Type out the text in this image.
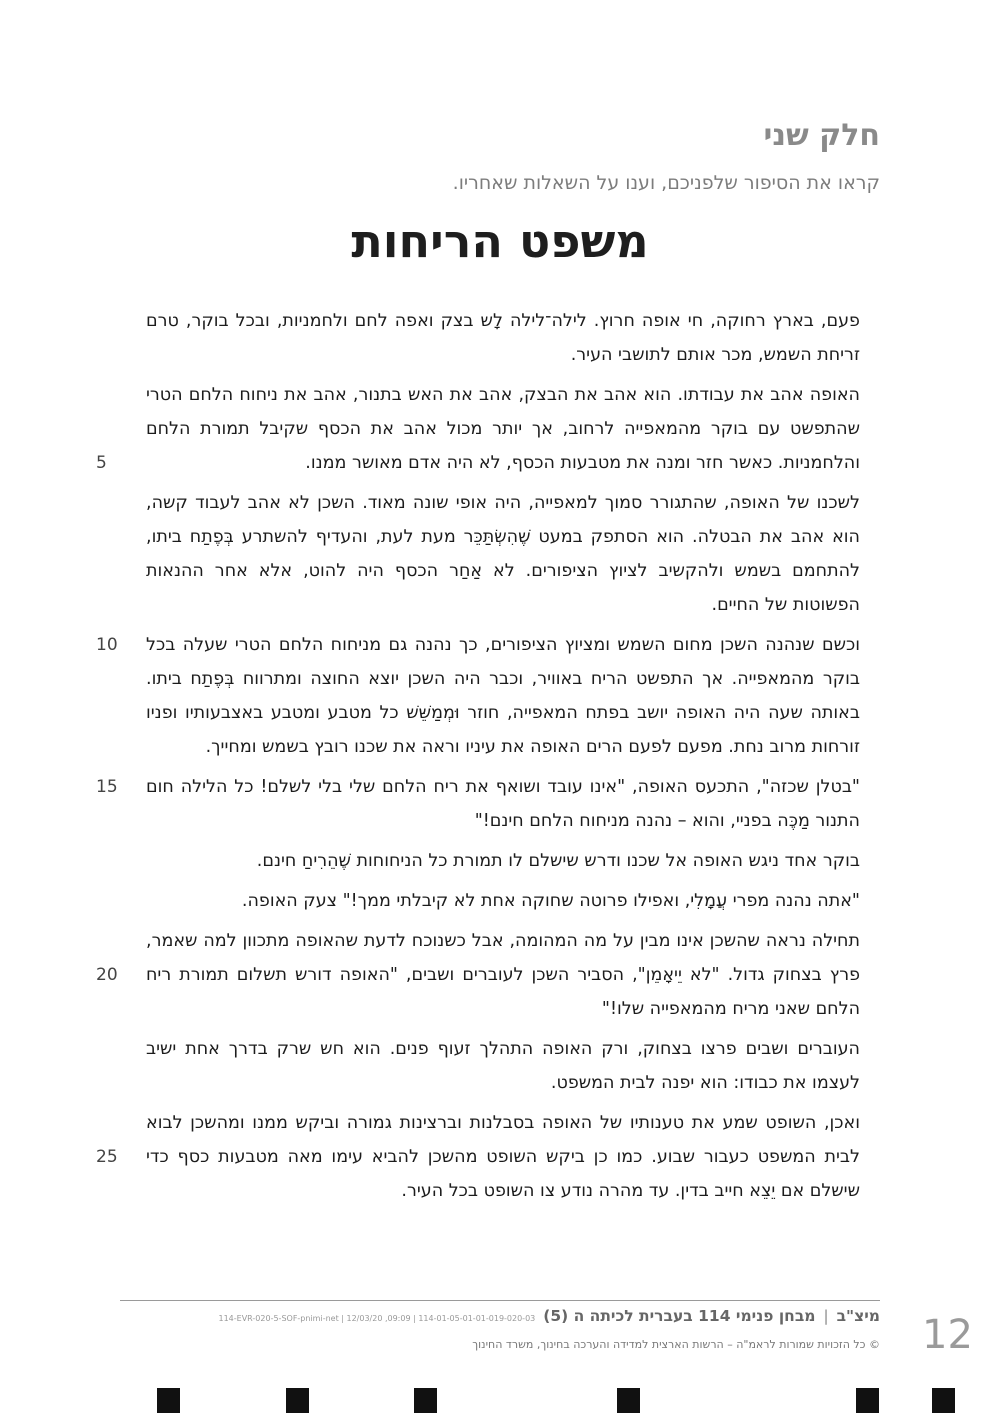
חלק שני

קראו את הסיפור שלפניכם, וענו על השאלות שאחריו.

משפט הריחות

פעם, בארץ רחוקה, חי אופה חרוץ. לילה־לילה לָש בצק ואפה לחם ולחמניות, ובכל בוקר, טרם זריחת השמש, מכר אותם לתושבי העיר.

5
האופה אהב את עבודתו. הוא אהב את הבצק, אהב את האש בתנור, אהב את ניחוח הלחם הטרי שהתפשט עם בוקר מהמאפייה לרחוב, אך יותר מכול אהב את הכסף שקיבל תמורת הלחם והלחמניות. כאשר חזר ומנה את מטבעות הכסף, לא היה אדם מאושר ממנו.

לשכנו של האופה, שהתגורר סמוך למאפייה, היה אופי שונה מאוד. השכן לא אהב לעבוד קשה, הוא אהב את הבטלה. הוא הסתפק במעט שֶׁהִשְׂתַּכֵּר מעת לעת, והעדיף להשתרע בְּפֶתַח ביתו, להתחמם בשמש ולהקשיב לציוץ הציפורים. לא אַחַר הכסף היה להוט, אלא אחר ההנאות הפשוטות של החיים.

10	וכשם שנהנה השכן מחום השמש ומציוץ הציפורים, כך נהנה גם מניחוח הלחם הטרי שעלה בכל בוקר מהמאפייה. אך התפשט הריח באוויר, וכבר היה השכן יוצא החוצה ומתרווח בְּפֶתַח ביתו. באותה שעה היה האופה יושב בפתח המאפייה, חוזר וּמְמַשֵּׁשׁ כל מטבע ומטבע באצבעותיו ופניו זורחות מרוב נחת. מפעם לפעם הרים האופה את עיניו וראה את שכנו רובץ בשמש ומחייך.

15	"בטלן שכזה", התכעס האופה, "אינו עובד ושואף את ריח הלחם שלי בלי לשלם! כל הלילה חום התנור מַכֶּה בפניי, והוא – נהנה מניחוח הלחם חינם!"

בוקר אחד ניגש האופה אל שכנו ודרש שישלם לו תמורת כל הניחוחות שֶׁהֵרִיחַ חינם.

"אתה נהנה מפרי עֲמָלִי, ואפילו פרוטה שחוקה אחת לא קיבלתי ממך!" צעק האופה.

20
תחילה נראה שהשכן אינו מבין על מה המהומה, אבל כשנוכח לדעת שהאופה מתכוון למה שאמר, פרץ בצחוק גדול. "לא יֵיאָמֵן", הסביר השכן לעוברים ושבים, "האופה דורש תשלום תמורת ריח הלחם שאני מריח מהמאפייה שלו!"

העוברים ושבים פרצו בצחוק, ורק האופה התהלך זעוף פנים. הוא חש שרק בדרך אחת ישיב לעצמו את כבודו: הוא יפנה לבית המשפט.

25
ואכן, השופט שמע את טענותיו של האופה בסבלנות וברצינות גמורה וביקש ממנו ומהשכן לבוא לבית המשפט כעבור שבוע. כמו כן ביקש השופט מהשכן להביא עימו מאה מטבעות כסף כדי שישלם אם יֵצֵא חייב בדין. עד מהרה נודע צו השופט בכל העיר.

12
מיצ"ב
|
מבחן פנימי 114 בעברית לכיתה ה (5)
114-EVR-020-5-SOF-pnimi-net | 12/03/20 ,09:09 | 114-01-05-01-01-019-020-03
© כל הזכויות שמורות לראמ"ה – הרשות הארצית למדידה והערכה בחינוך, משרד החינוך
